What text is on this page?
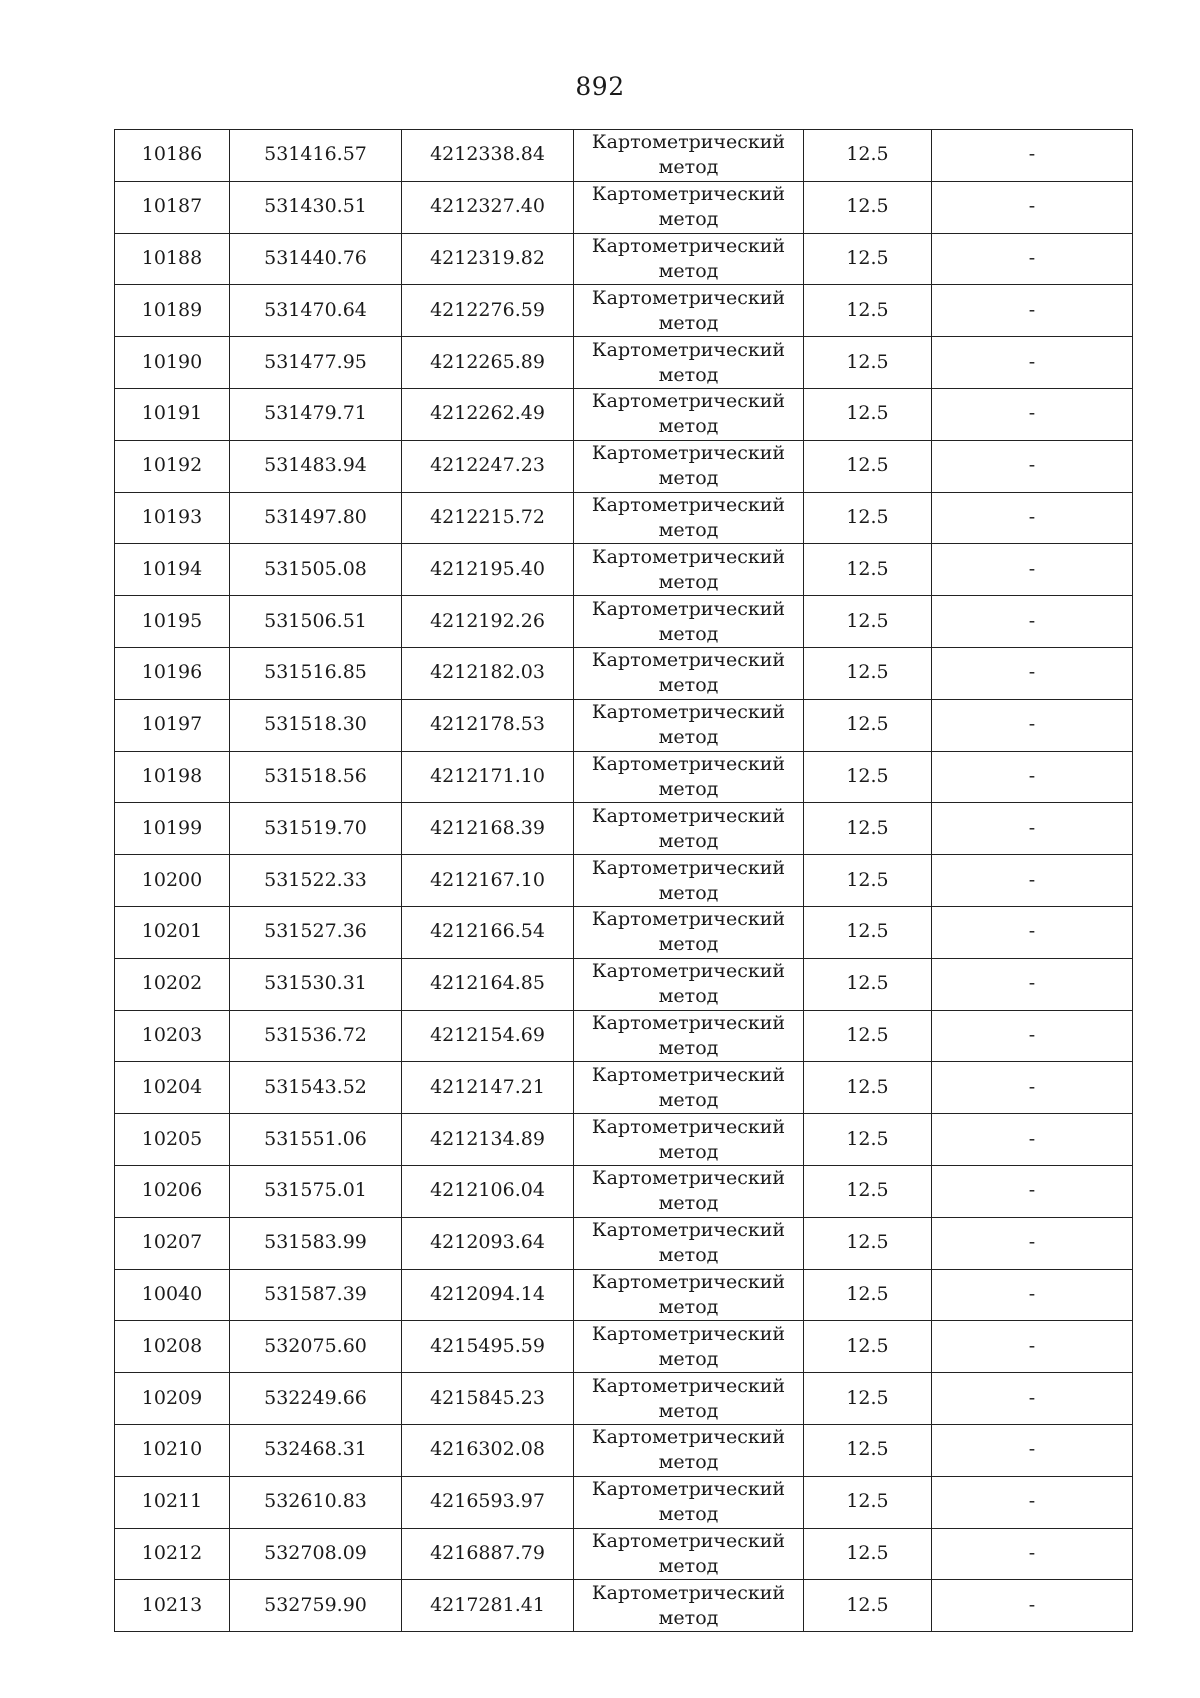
892
10186	531416.57	4212338.84	Картометрический
метод	12.5	-
10187	531430.51	4212327.40	Картометрический
метод	12.5	-
10188	531440.76	4212319.82	Картометрический
метод	12.5	-
10189	531470.64	4212276.59	Картометрический
метод	12.5	-
10190	531477.95	4212265.89	Картометрический
метод	12.5	-
10191	531479.71	4212262.49	Картометрический
метод	12.5	-
10192	531483.94	4212247.23	Картометрический
метод	12.5	-
10193	531497.80	4212215.72	Картометрический
метод	12.5	-
10194	531505.08	4212195.40	Картометрический
метод	12.5	-
10195	531506.51	4212192.26	Картометрический
метод	12.5	-
10196	531516.85	4212182.03	Картометрический
метод	12.5	-
10197	531518.30	4212178.53	Картометрический
метод	12.5	-
10198	531518.56	4212171.10	Картометрический
метод	12.5	-
10199	531519.70	4212168.39	Картометрический
метод	12.5	-
10200	531522.33	4212167.10	Картометрический
метод	12.5	-
10201	531527.36	4212166.54	Картометрический
метод	12.5	-
10202	531530.31	4212164.85	Картометрический
метод	12.5	-
10203	531536.72	4212154.69	Картометрический
метод	12.5	-
10204	531543.52	4212147.21	Картометрический
метод	12.5	-
10205	531551.06	4212134.89	Картометрический
метод	12.5	-
10206	531575.01	4212106.04	Картометрический
метод	12.5	-
10207	531583.99	4212093.64	Картометрический
метод	12.5	-
10040	531587.39	4212094.14	Картометрический
метод	12.5	-
10208	532075.60	4215495.59	Картометрический
метод	12.5	-
10209	532249.66	4215845.23	Картометрический
метод	12.5	-
10210	532468.31	4216302.08	Картометрический
метод	12.5	-
10211	532610.83	4216593.97	Картометрический
метод	12.5	-
10212	532708.09	4216887.79	Картометрический
метод	12.5	-
10213	532759.90	4217281.41	Картометрический
метод	12.5	-
